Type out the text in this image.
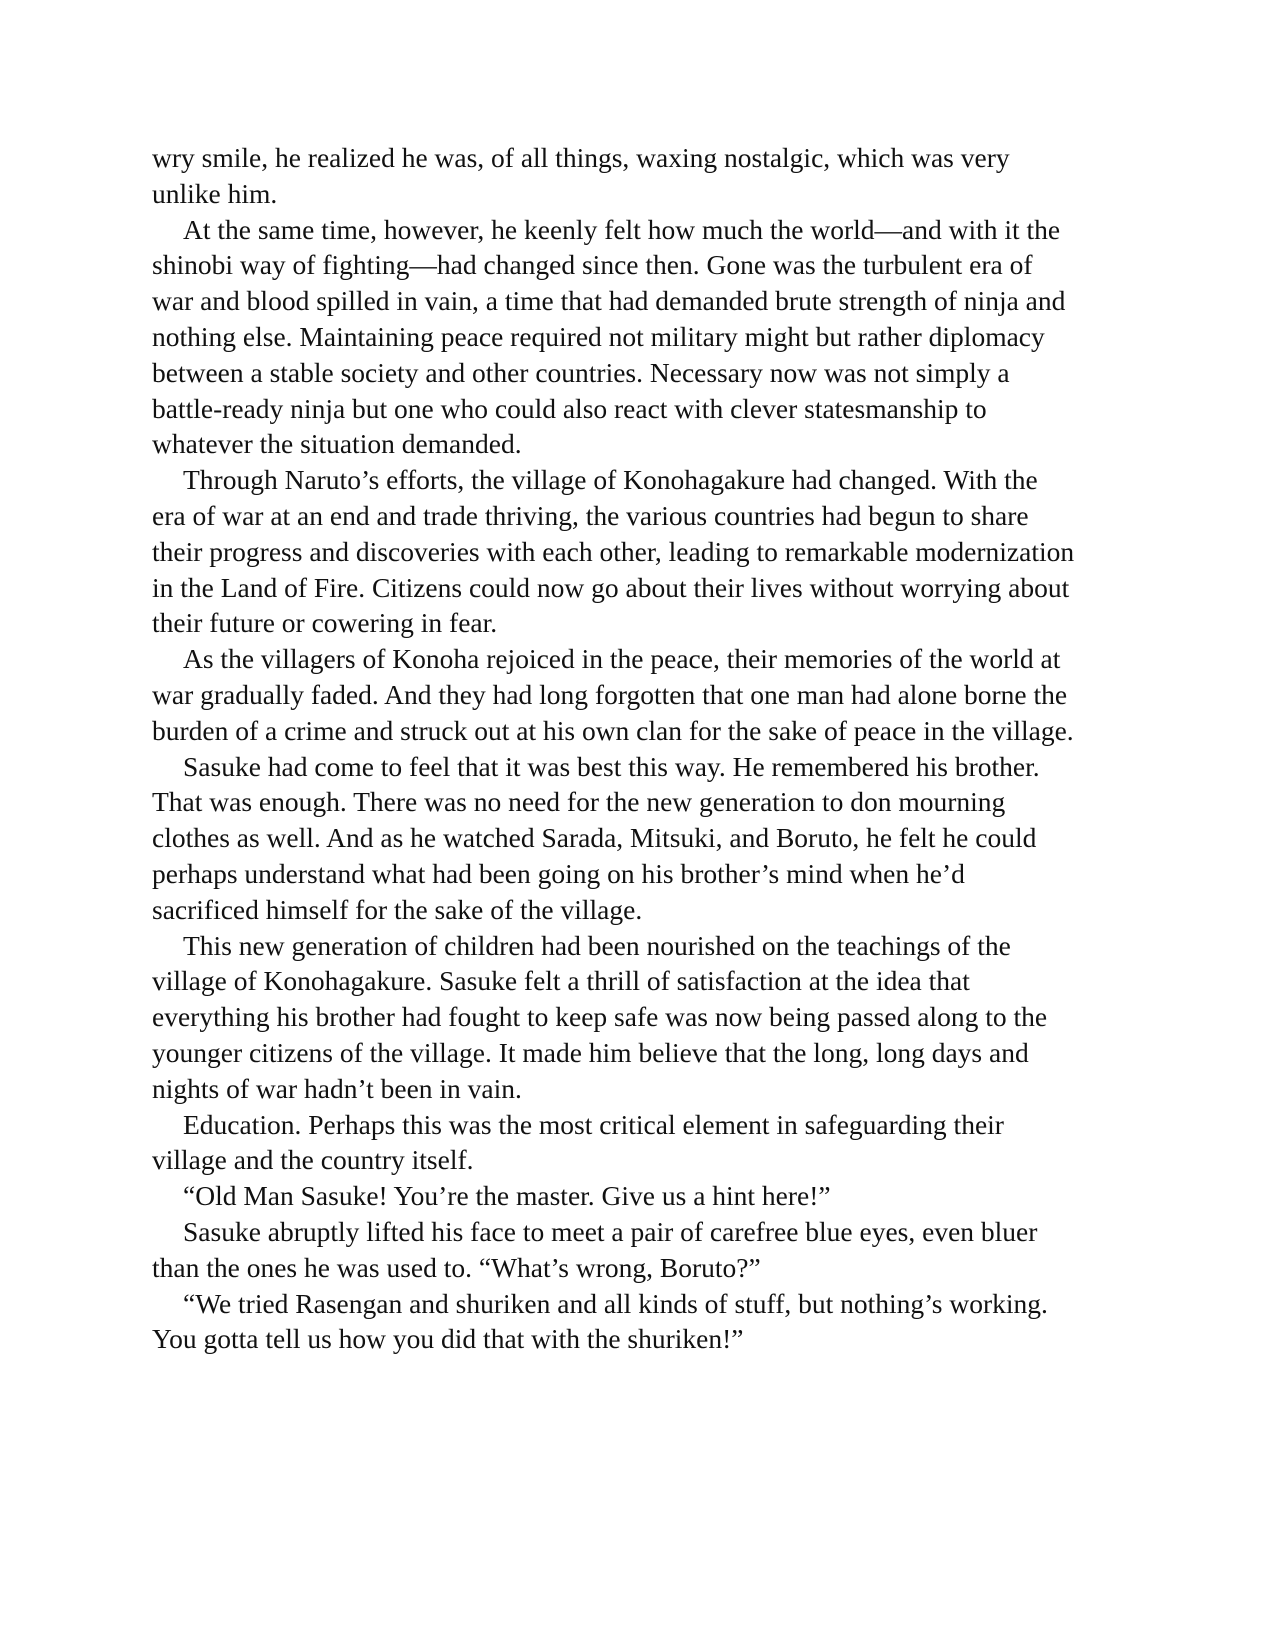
wry smile, he realized he was, of all things, waxing nostalgic, which was very unlike him.

At the same time, however, he keenly felt how much the world—and with it the shinobi way of fighting—had changed since then. Gone was the turbulent era of war and blood spilled in vain, a time that had demanded brute strength of ninja and nothing else. Maintaining peace required not military might but rather diplomacy between a stable society and other countries. Necessary now was not simply a battle-ready ninja but one who could also react with clever statesmanship to whatever the situation demanded.

Through Naruto’s efforts, the village of Konohagakure had changed. With the era of war at an end and trade thriving, the various countries had begun to share their progress and discoveries with each other, leading to remarkable modernization in the Land of Fire. Citizens could now go about their lives without worrying about their future or cowering in fear.

As the villagers of Konoha rejoiced in the peace, their memories of the world at war gradually faded. And they had long forgotten that one man had alone borne the burden of a crime and struck out at his own clan for the sake of peace in the village.

Sasuke had come to feel that it was best this way. He remembered his brother. That was enough. There was no need for the new generation to don mourning clothes as well. And as he watched Sarada, Mitsuki, and Boruto, he felt he could perhaps understand what had been going on his brother’s mind when he’d sacrificed himself for the sake of the village.

This new generation of children had been nourished on the teachings of the village of Konohagakure. Sasuke felt a thrill of satisfaction at the idea that everything his brother had fought to keep safe was now being passed along to the younger citizens of the village. It made him believe that the long, long days and nights of war hadn’t been in vain.

Education. Perhaps this was the most critical element in safeguarding their village and the country itself.

“Old Man Sasuke! You’re the master. Give us a hint here!”

Sasuke abruptly lifted his face to meet a pair of carefree blue eyes, even bluer than the ones he was used to. “What’s wrong, Boruto?”

“We tried Rasengan and shuriken and all kinds of stuff, but nothing’s working. You gotta tell us how you did that with the shuriken!”
